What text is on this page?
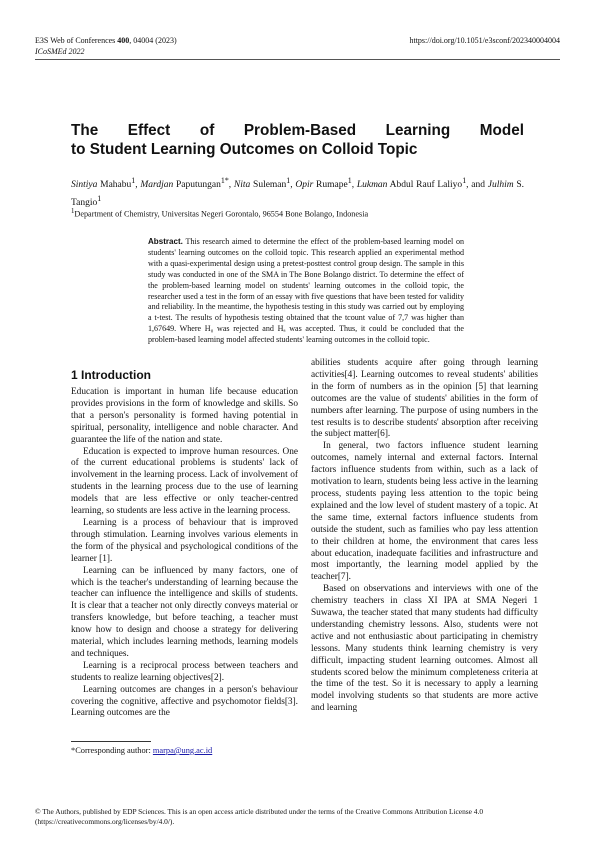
E3S Web of Conferences 400, 04004 (2023)
ICoSMEd 2022
https://doi.org/10.1051/e3sconf/202340004004
The Effect of Problem-Based Learning Model
to Student Learning Outcomes on Colloid Topic
Sintiya Mahabu$^1$, Mardjan Paputungan$^{1*}$, Nita Suleman$^1$, Opir Rumape$^1$, Lukman Abdul Rauf Laliyo$^1$, and Julhim S. Tangio$^1$
$^1$Department of Chemistry, Universitas Negeri Gorontalo, 96554 Bone Bolango, Indonesia
Abstract. This research aimed to determine the effect of the problem-based learning model on students' learning outcomes on the colloid topic. This research applied an experimental method with a quasi-experimental design using a pretest-posttest control group design. The sample in this study was conducted in one of the SMA in The Bone Bolango district. To determine the effect of the problem-based learning model on students' learning outcomes in the colloid topic, the researcher used a test in the form of an essay with five questions that have been tested for validity and reliability. In the meantime, the hypothesis testing in this study was carried out by employing a t-test. The results of hypothesis testing obtained that the tcount value of 7,7 was higher than 1,67649. Where H₀ was rejected and Hₐ was accepted. Thus, it could be concluded that the problem-based learning model affected students' learning outcomes in the colloid topic.
1 Introduction

Education is important in human life because education provides provisions in the form of knowledge and skills. So that a person's personality is formed having potential in spiritual, personality, intelligence and noble character. And guarantee the life of the nation and state.

Education is expected to improve human resources. One of the current educational problems is students' lack of involvement in the learning process. Lack of involvement of students in the learning process due to the use of learning models that are less effective or only teacher-centred learning, so students are less active in the learning process.

Learning is a process of behaviour that is improved through stimulation. Learning involves various elements in the form of the physical and psychological conditions of the learner [1].

Learning can be influenced by many factors, one of which is the teacher's understanding of learning because the teacher can influence the intelligence and skills of students. It is clear that a teacher not only directly conveys material or transfers knowledge, but before teaching, a teacher must know how to design and choose a strategy for delivering material, which includes learning methods, learning models and techniques.

Learning is a reciprocal process between teachers and students to realize learning objectives[2].

Learning outcomes are changes in a person's behaviour covering the cognitive, affective and psychomotor fields[3]. Learning outcomes are the

abilities students acquire after going through learning activities[4]. Learning outcomes to reveal students' abilities in the form of numbers as in the opinion [5] that learning outcomes are the value of students' abilities in the form of numbers after learning. The purpose of using numbers in the test results is to describe students' absorption after receiving the subject matter[6].

In general, two factors influence student learning outcomes, namely internal and external factors. Internal factors influence students from within, such as a lack of motivation to learn, students being less active in the learning process, students paying less attention to the topic being explained and the low level of student mastery of a topic. At the same time, external factors influence students from outside the student, such as families who pay less attention to their children at home, the environment that cares less about education, inadequate facilities and infrastructure and most importantly, the learning model applied by the teacher[7].

Based on observations and interviews with one of the chemistry teachers in class XI IPA at SMA Negeri 1 Suwawa, the teacher stated that many students had difficulty understanding chemistry lessons. Also, students were not active and not enthusiastic about participating in chemistry lessons. Many students think learning chemistry is very difficult, impacting student learning outcomes. Almost all students scored below the minimum completeness criteria at the time of the test. So it is necessary to apply a learning model involving students so that students are more active and learning

*Corresponding author: marpa@ung.ac.id
© The Authors, published by EDP Sciences. This is an open access article distributed under the terms of the Creative Commons Attribution License 4.0
(https://creativecommons.org/licenses/by/4.0/).
